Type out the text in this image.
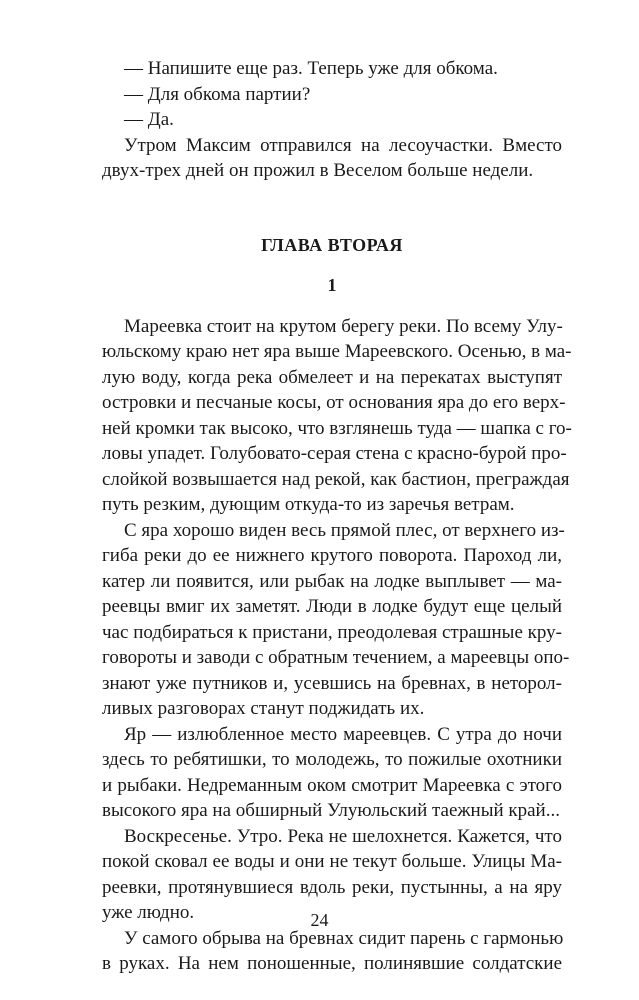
— Напишите еще раз. Теперь уже для обкома.
— Для обкома партии?
— Да.
Утром Максим отправился на лесоучастки. Вместо
двух-трех дней он прожил в Веселом больше недели.
ГЛАВА ВТОРАЯ
1
Мареевка стоит на крутом берегу реки. По всему Улу-
юльскому краю нет яра выше Мареевского. Осенью, в ма-
лую воду, когда река обмелеет и на перекатах выступят
островки и песчаные косы, от основания яра до его верх-
ней кромки так высоко, что взглянешь туда — шапка с го-
ловы упадет. Голубовато-серая стена с красно-бурой про-
слойкой возвышается над рекой, как бастион, преграждая
путь резким, дующим откуда-то из заречья ветрам.
С яра хорошо виден весь прямой плес, от верхнего из-
гиба реки до ее нижнего крутого поворота. Пароход ли,
катер ли появится, или рыбак на лодке выплывет — ма-
реевцы вмиг их заметят. Люди в лодке будут еще целый
час подбираться к пристани, преодолевая страшные кру-
говороты и заводи с обратным течением, а мареевцы опо-
знают уже путников и, усевшись на бревнах, в неторол-
ливых разговорах станут поджидать их.
Яр — излюбленное место мареевцев. С утра до ночи
здесь то ребятишки, то молодежь, то пожилые охотники
и рыбаки. Недреманным оком смотрит Мареевка с этого
высокого яра на обширный Улуюльский таежный край...
Воскресенье. Утро. Река не шелохнется. Кажется, что
покой сковал ее воды и они не текут больше. Улицы Ма-
реевки, протянувшиеся вдоль реки, пустынны, а на яру
уже людно.
У самого обрыва на бревнах сидит парень с гармонью
в руках. На нем поношенные, полинявшие солдатские
24
